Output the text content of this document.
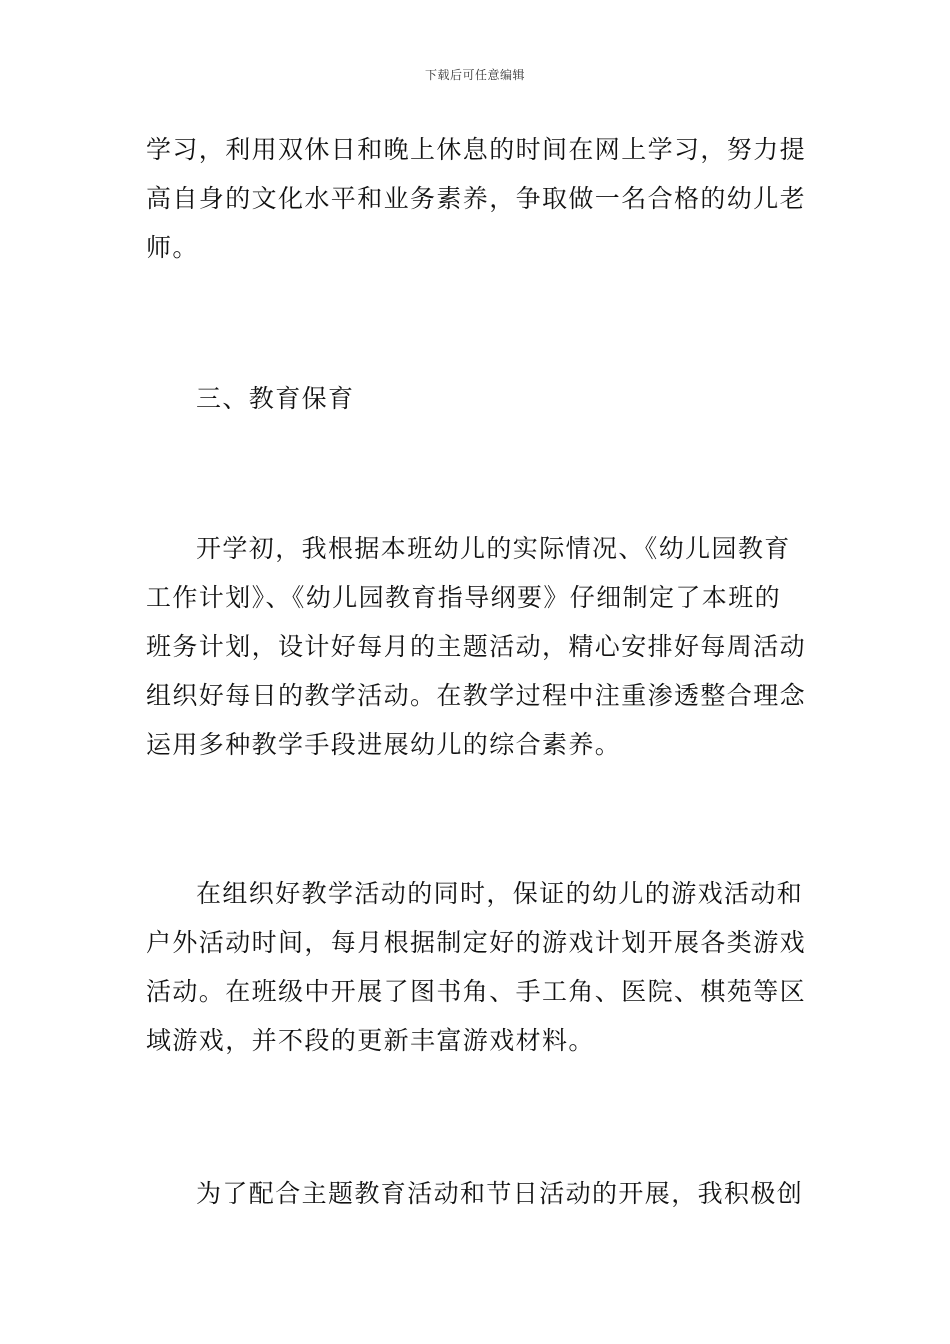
下载后可任意编辑
学习，利用双休日和晚上休息的时间在网上学习，努力提
高自身的文化水平和业务素养，争取做一名合格的幼儿老
师。
三、教育保育
开学初，我根据本班幼儿的实际情况、《幼儿园教育
工作计划》、《幼儿园教育指导纲要》仔细制定了本班的
班务计划，设计好每月的主题活动，精心安排好每周活动
组织好每日的教学活动。在教学过程中注重渗透整合理念
运用多种教学手段进展幼儿的综合素养。
在组织好教学活动的同时，保证的幼儿的游戏活动和
户外活动时间，每月根据制定好的游戏计划开展各类游戏
活动。在班级中开展了图书角、手工角、医院、棋苑等区
域游戏，并不段的更新丰富游戏材料。
为了配合主题教育活动和节日活动的开展，我积极创
